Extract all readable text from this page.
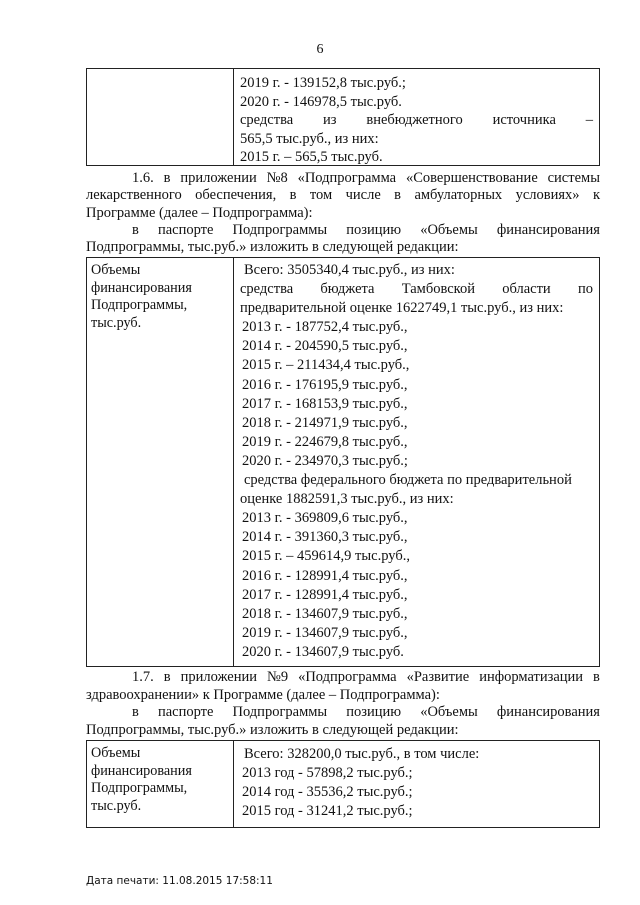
6
2019 г. - 139152,8 тыс.руб.;
2020 г. - 146978,5 тыс.руб.
средства из внебюджетного источника –
565,5 тыс.руб., из них:
2015 г. – 565,5 тыс.руб.
1.6. в приложении №8 «Подпрограмма «Совершенствование системы
лекарственного обеспечения, в том числе в амбулаторных условиях» к
Программе (далее – Подпрограмма):
в паспорте Подпрограммы позицию «Объемы финансирования
Подпрограммы, тыс.руб.» изложить в следующей редакции:
Объемы
финансирования
Подпрограммы,
тыс.руб.
Всего: 3505340,4 тыс.руб., из них:
средства бюджета Тамбовской области по
предварительной оценке 1622749,1 тыс.руб., из них:
2013 г. - 187752,4 тыс.руб.,
2014 г. - 204590,5 тыс.руб.,
2015 г. – 211434,4 тыс.руб.,
2016 г. - 176195,9 тыс.руб.,
2017 г. - 168153,9 тыс.руб.,
2018 г. - 214971,9 тыс.руб.,
2019 г. - 224679,8 тыс.руб.,
2020 г. - 234970,3 тыс.руб.;
средства федерального бюджета по предварительной
оценке 1882591,3 тыс.руб., из них:
2013 г. - 369809,6 тыс.руб.,
2014 г. - 391360,3 тыс.руб.,
2015 г. – 459614,9 тыс.руб.,
2016 г. - 128991,4 тыс.руб.,
2017 г. - 128991,4 тыс.руб.,
2018 г. - 134607,9 тыс.руб.,
2019 г. - 134607,9 тыс.руб.,
2020 г. - 134607,9 тыс.руб.
1.7. в приложении №9 «Подпрограмма «Развитие информатизации в
здравоохранении» к Программе (далее – Подпрограмма):
в паспорте Подпрограммы позицию «Объемы финансирования
Подпрограммы, тыс.руб.» изложить в следующей редакции:
Объемы
финансирования
Подпрограммы,
тыс.руб.
Всего: 328200,0 тыс.руб., в том числе:
2013 год - 57898,2 тыс.руб.;
2014 год - 35536,2 тыс.руб.;
2015 год - 31241,2 тыс.руб.;
Дата печати: 11.08.2015 17:58:11
